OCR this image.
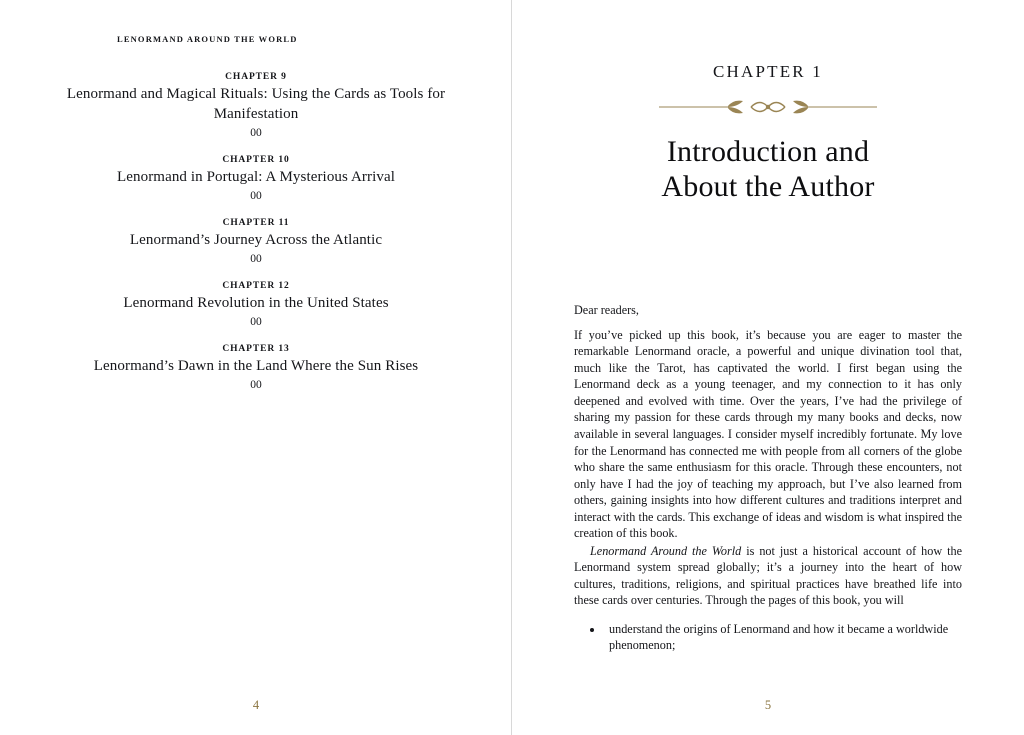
LENORMAND AROUND THE WORLD
CHAPTER 9
Lenormand and Magical Rituals: Using the Cards as Tools for Manifestation
00
CHAPTER 10
Lenormand in Portugal: A Mysterious Arrival
00
CHAPTER 11
Lenormand’s Journey Across the Atlantic
00
CHAPTER 12
Lenormand Revolution in the United States
00
CHAPTER 13
Lenormand’s Dawn in the Land Where the Sun Rises
00
4
CHAPTER 1
Introduction and
About the Author
Dear readers,

If you’ve picked up this book, it’s because you are eager to master the remarkable Lenormand oracle, a powerful and unique divination tool that, much like the Tarot, has captivated the world. I first began using the Lenormand deck as a young teenager, and my connection to it has only deepened and evolved with time. Over the years, I’ve had the privilege of sharing my passion for these cards through my many books and decks, now available in several languages. I consider myself incredibly fortunate. My love for the Lenormand has connected me with people from all corners of the globe who share the same enthusiasm for this oracle. Through these encounters, not only have I had the joy of teaching my approach, but I’ve also learned from others, gaining insights into how different cultures and traditions interpret and interact with the cards. This exchange of ideas and wisdom is what inspired the creation of this book.

Lenormand Around the World is not just a historical account of how the Lenormand system spread globally; it’s a journey into the heart of how cultures, traditions, religions, and spiritual practices have breathed life into these cards over centuries. Through the pages of this book, you will

• understand the origins of Lenormand and how it became a worldwide phenomenon;
5
